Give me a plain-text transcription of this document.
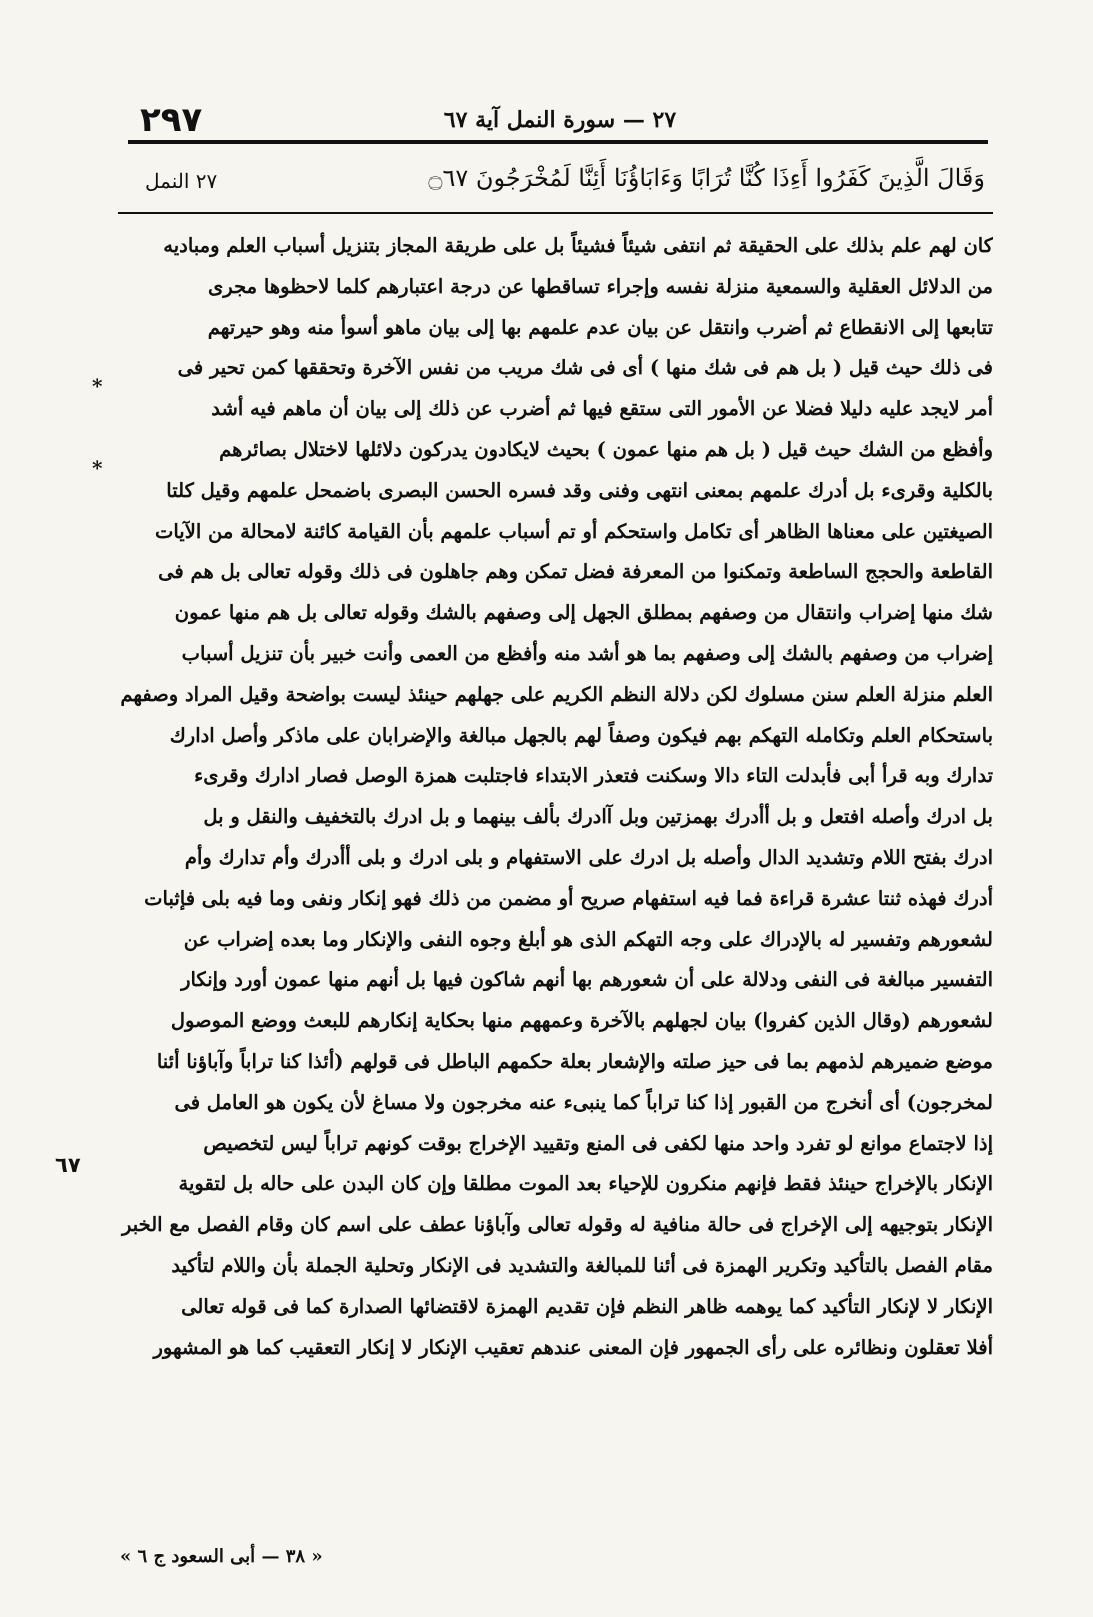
٢٩٧	٢٧ — سورة النمل آية ٦٧
وَقَالَ الَّذِينَ كَفَرُوا أَءِذَا كُنَّا تُرَابًا وَءَابَاؤُنَا أَئِنَّا لَمُخْرَجُونَ ۝٦٧
٢٧ النمل
كان لهم علم بذلك على الحقيقة ثم انتفى شيئاً فشيئاً بل على طريقة المجاز بتنزيل أسباب العلم ومباديه
من الدلائل العقلية والسمعية منزلة نفسه وإجراء تساقطها عن درجة اعتبارهم كلما لاحظوها مجرى
تتابعها إلى الانقطاع ثم أضرب وانتقل عن بيان عدم علمهم بها إلى بيان ماهو أسوأ منه وهو حيرتهم
فى ذلك حيث قيل ( بل هم فى شك منها ) أى فى شك مريب من نفس الآخرة وتحققها كمن تحير فى
أمر لايجد عليه دليلا فضلا عن الأمور التى ستقع فيها ثم أضرب عن ذلك إلى بيان أن ماهم فيه أشد
وأفظع من الشك حيث قيل ( بل هم منها عمون ) بحيث لايكادون يدركون دلائلها لاختلال بصائرهم
بالكلية وقرىء بل أدرك علمهم بمعنى انتهى وفنى وقد فسره الحسن البصرى باضمحل علمهم وقيل كلتا
الصيغتين على معناها الظاهر أى تكامل واستحكم أو تم أسباب علمهم بأن القيامة كائنة لامحالة من الآيات
القاطعة والحجج الساطعة وتمكنوا من المعرفة فضل تمكن وهم جاهلون فى ذلك وقوله تعالى بل هم فى
شك منها إضراب وانتقال من وصفهم بمطلق الجهل إلى وصفهم بالشك وقوله تعالى بل هم منها عمون
إضراب من وصفهم بالشك إلى وصفهم بما هو أشد منه وأفظع من العمى وأنت خبير بأن تنزيل أسباب
العلم منزلة العلم سنن مسلوك لكن دلالة النظم الكريم على جهلهم حينئذ ليست بواضحة وقيل المراد وصفهم
باستحكام العلم وتكامله التهكم بهم فيكون وصفاً لهم بالجهل مبالغة والإضرابان على ماذكر وأصل ادارك
تدارك وبه قرأ أبى فأبدلت التاء دالا وسكنت فتعذر الابتداء فاجتلبت همزة الوصل فصار ادارك وقرىء
بل ادرك وأصله افتعل و بل أأدرك بهمزتين وبل آادرك بألف بينهما و بل ادرك بالتخفيف والنقل و بل
ادرك بفتح اللام وتشديد الدال وأصله بل ادرك على الاستفهام و بلى ادرك و بلى أأدرك وأم تدارك وأم
أدرك فهذه ثنتا عشرة قراءة فما فيه استفهام صريح أو مضمن من ذلك فهو إنكار ونفى وما فيه بلى فإثبات
لشعورهم وتفسير له بالإدراك على وجه التهكم الذى هو أبلغ وجوه النفى والإنكار وما بعده إضراب عن
التفسير مبالغة فى النفى ودلالة على أن شعورهم بها أنهم شاكون فيها بل أنهم منها عمون أورد وإنكار
لشعورهم (وقال الذين كفروا) بيان لجهلهم بالآخرة وعمههم منها بحكاية إنكارهم للبعث ووضع الموصول
موضع ضميرهم لذمهم بما فى حيز صلته والإشعار بعلة حكمهم الباطل فى قولهم (أئذا كنا تراباً وآباؤنا أئنا
لمخرجون) أى أنخرج من القبور إذا كنا تراباً كما ينبىء عنه مخرجون ولا مساغ لأن يكون هو العامل فى
إذا لاجتماع موانع لو تفرد واحد منها لكفى فى المنع وتقييد الإخراج بوقت كونهم تراباً ليس لتخصيص
الإنكار بالإخراج حينئذ فقط فإنهم منكرون للإحياء بعد الموت مطلقا وإن كان البدن على حاله بل لتقوية
الإنكار بتوجيهه إلى الإخراج فى حالة منافية له وقوله تعالى وآباؤنا عطف على اسم كان وقام الفصل مع الخبر
مقام الفصل بالتأكيد وتكرير الهمزة فى أئنا للمبالغة والتشديد فى الإنكار وتحلية الجملة بأن واللام لتأكيد
الإنكار لا لإنكار التأكيد كما يوهمه ظاهر النظم فإن تقديم الهمزة لاقتضائها الصدارة كما فى قوله تعالى
أفلا تعقلون ونظائره على رأى الجمهور فإن المعنى عندهم تعقيب الإنكار لا إنكار التعقيب كما هو المشهور
*
*
٦٧
« ٣٨ — أبى السعود ج ٦ »
